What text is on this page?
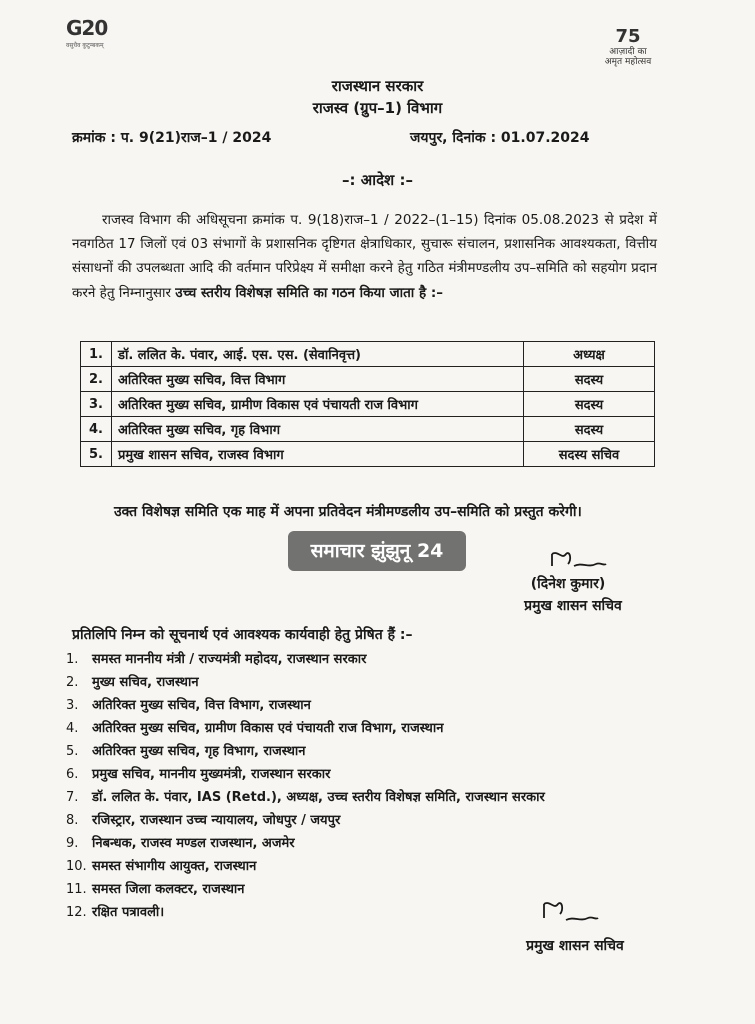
G20
वसुधैव कुटुम्बकम्	75
आज़ादी का
अमृत महोत्सव
राजस्थान सरकार
राजस्व (ग्रुप–1) विभाग
क्रमांक : प. 9(21)राज–1 / 2024	जयपुर, दिनांक : 01.07.2024
–: आदेश :–
राजस्व विभाग की अधिसूचना क्रमांक प. 9(18)राज–1 / 2022–(1–15) दिनांक 05.08.2023 से प्रदेश में नवगठित 17 जिलों एवं 03 संभागों के प्रशासनिक दृष्टिगत क्षेत्राधिकार, सुचारू संचालन, प्रशासनिक आवश्यकता, वित्तीय संसाधनों की उपलब्धता आदि की वर्तमान परिप्रेक्ष्य में समीक्षा करने हेतु गठित मंत्रीमण्डलीय उप–समिति को सहयोग प्रदान करने हेतु निम्नानुसार उच्च स्तरीय विशेषज्ञ समिति का गठन किया जाता है :–
1.	डॉ. ललित के. पंवार, आई. एस. एस. (सेवानिवृत्त)	अध्यक्ष
2.	अतिरिक्त मुख्य सचिव, वित्त विभाग	सदस्य
3.	अतिरिक्त मुख्य सचिव, ग्रामीण विकास एवं पंचायती राज विभाग	सदस्य
4.	अतिरिक्त मुख्य सचिव, गृह विभाग	सदस्य
5.	प्रमुख शासन सचिव, राजस्व विभाग	सदस्य सचिव
उक्त विशेषज्ञ समिति एक माह में अपना प्रतिवेदन मंत्रीमण्डलीय उप–समिति को प्रस्तुत करेगी।
समाचार झुंझुनू 24
(दिनेश कुमार)
प्रमुख शासन सचिव
प्रतिलिपि निम्न को सूचनार्थ एवं आवश्यक कार्यवाही हेतु प्रेषित हैं :–
1. समस्त माननीय मंत्री / राज्यमंत्री महोदय, राजस्थान सरकार
2. मुख्य सचिव, राजस्थान
3. अतिरिक्त मुख्य सचिव, वित्त विभाग, राजस्थान
4. अतिरिक्त मुख्य सचिव, ग्रामीण विकास एवं पंचायती राज विभाग, राजस्थान
5. अतिरिक्त मुख्य सचिव, गृह विभाग, राजस्थान
6. प्रमुख सचिव, माननीय मुख्यमंत्री, राजस्थान सरकार
7. डॉ. ललित के. पंवार, IAS (Retd.), अध्यक्ष, उच्च स्तरीय विशेषज्ञ समिति, राजस्थान सरकार
8. रजिस्ट्रार, राजस्थान उच्च न्यायालय, जोधपुर / जयपुर
9. निबन्धक, राजस्व मण्डल राजस्थान, अजमेर
10. समस्त संभागीय आयुक्त, राजस्थान
11. समस्त जिला कलक्टर, राजस्थान
12. रक्षित पत्रावली।
प्रमुख शासन सचिव
